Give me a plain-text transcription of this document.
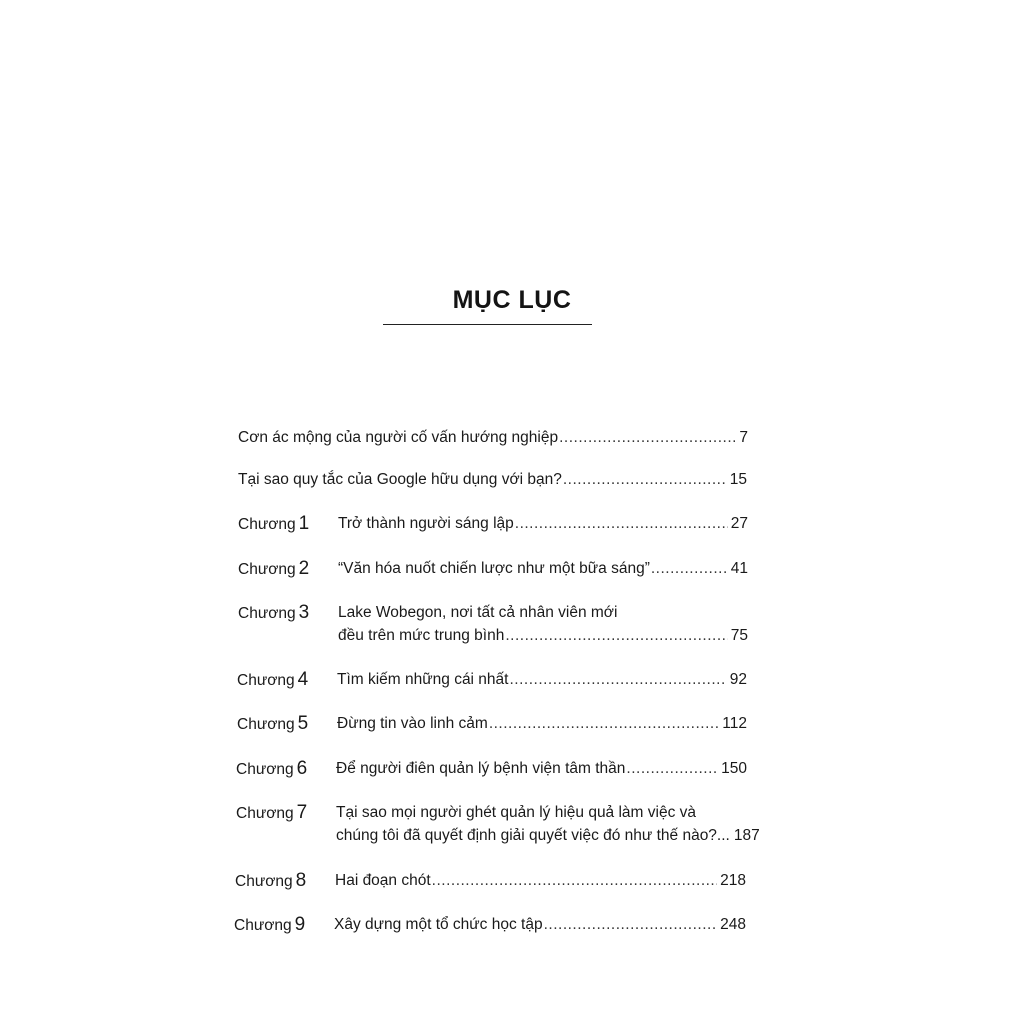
MỤC LỤC
Cơn ác mộng của người cố vấn hướng nghiệp .....	7
Tại sao quy tắc của Google hữu dụng với bạn? .....	15
Chương 1 Trở thành người sáng lập .....	27
Chương 2 “Văn hóa nuốt chiến lược như một bữa sáng” .....	41
Chương 3 Lake Wobegon, nơi tất cả nhân viên mới
đều trên mức trung bình .....	75
Chương 4 Tìm kiếm những cái nhất .....	92
Chương 5 Đừng tin vào linh cảm .....	112
Chương 6 Để người điên quản lý bệnh viện tâm thần .....	150
Chương 7 Tại sao mọi người ghét quản lý hiệu quả làm việc và
chúng tôi đã quyết định giải quyết việc đó như thế nào?... 187
Chương 8 Hai đoạn chót .....	218
Chương 9 Xây dựng một tổ chức học tập .....	248
